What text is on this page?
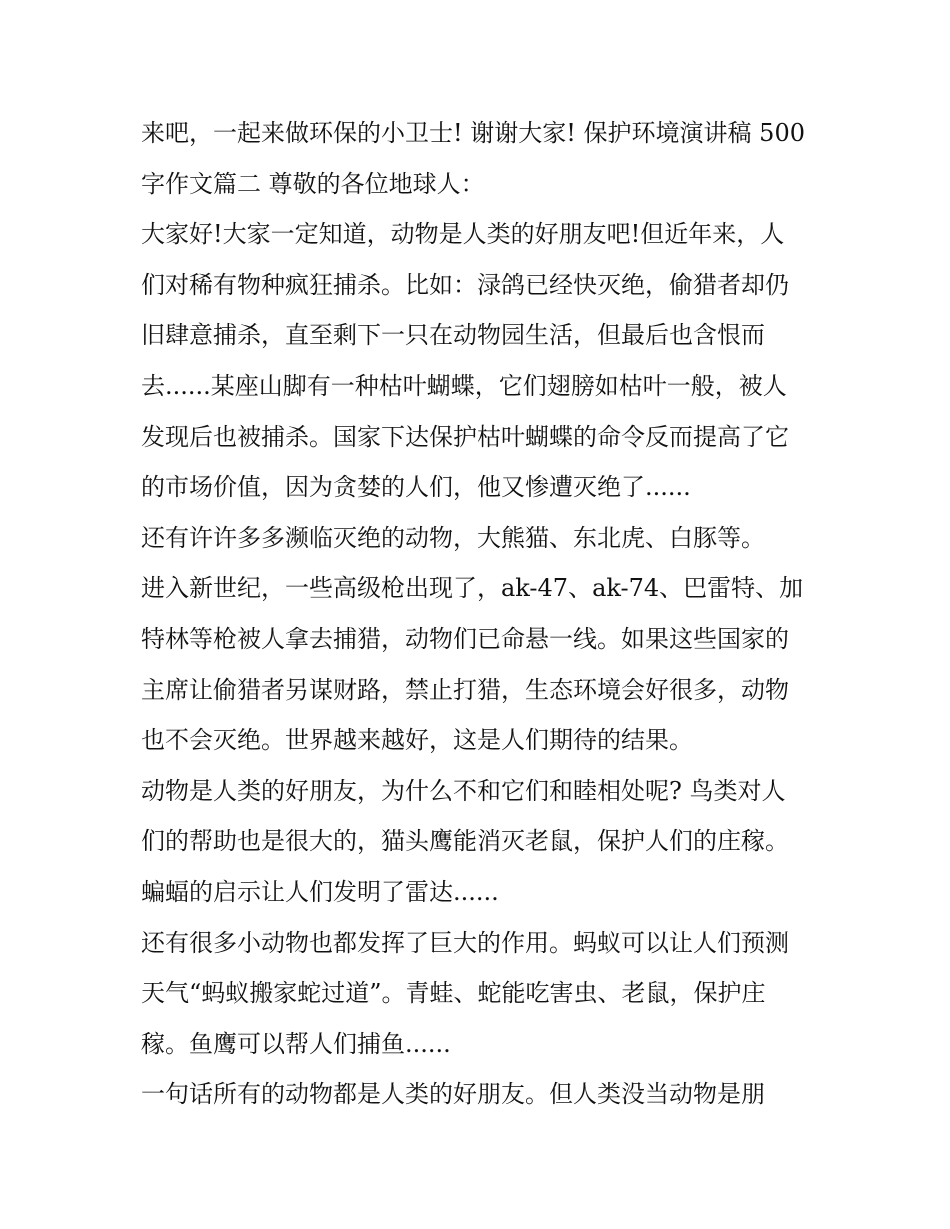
来吧，一起来做环保的小卫士! 谢谢大家! 保护环境演讲稿 500
字作文篇二 尊敬的各位地球人：
大家好!大家一定知道，动物是人类的好朋友吧!但近年来，人
们对稀有物种疯狂捕杀。比如：渌鸽已经快灭绝，偷猎者却仍
旧肆意捕杀，直至剩下一只在动物园生活，但最后也含恨而
去......某座山脚有一种枯叶蝴蝶，它们翅膀如枯叶一般，被人
发现后也被捕杀。国家下达保护枯叶蝴蝶的命令反而提高了它
的市场价值，因为贪婪的人们，他又惨遭灭绝了......
还有许许多多濒临灭绝的动物，大熊猫、东北虎、白豚等。
进入新世纪，一些高级枪出现了，ak-47、ak-74、巴雷特、加
特林等枪被人拿去捕猎，动物们已命悬一线。如果这些国家的
主席让偷猎者另谋财路，禁止打猎，生态环境会好很多，动物
也不会灭绝。世界越来越好，这是人们期待的结果。
动物是人类的好朋友，为什么不和它们和睦相处呢? 鸟类对人
们的帮助也是很大的，猫头鹰能消灭老鼠，保护人们的庄稼。
蝙蝠的启示让人们发明了雷达......
还有很多小动物也都发挥了巨大的作用。蚂蚁可以让人们预测
天气“蚂蚁搬家蛇过道”。青蛙、蛇能吃害虫、老鼠，保护庄
稼。鱼鹰可以帮人们捕鱼......
一句话所有的动物都是人类的好朋友。但人类没当动物是朋
